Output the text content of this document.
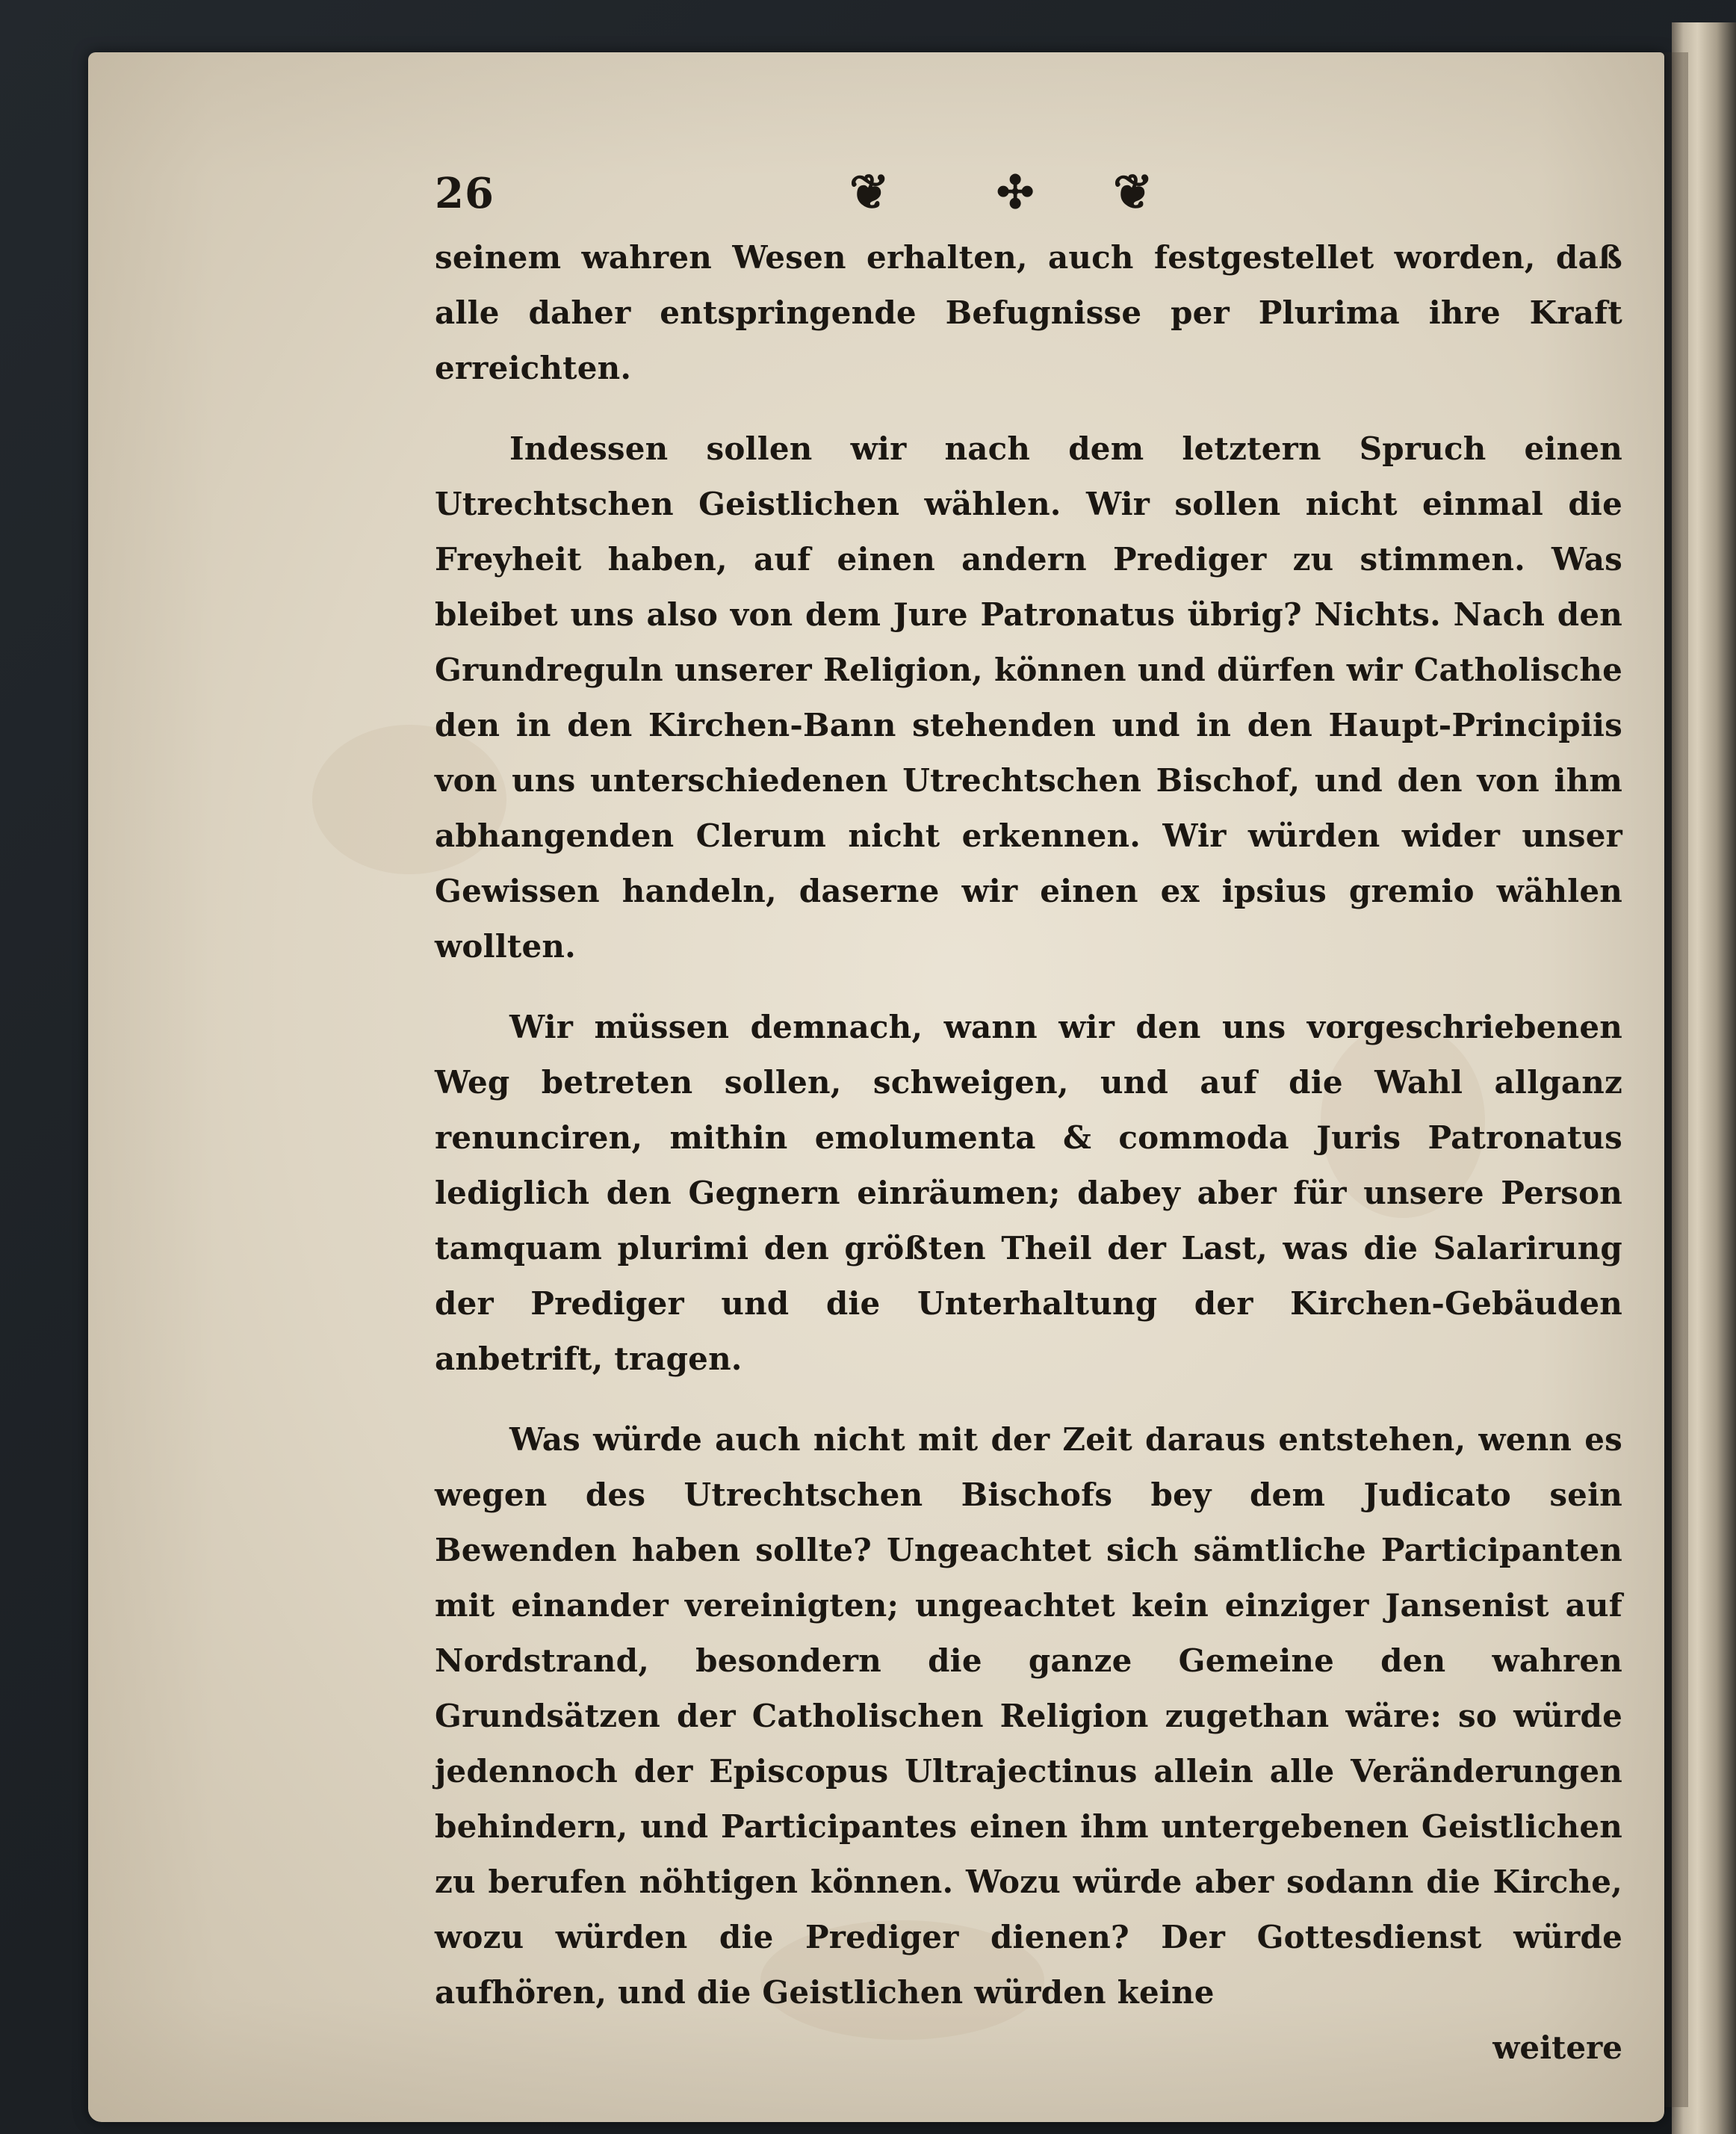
26	❦ ✣ ❦

seinem wahren Wesen erhalten, auch festgestellet worden, daß alle daher entspringende Befugnisse per Plurima ihre Kraft erreichten.

Indessen sollen wir nach dem letztern Spruch einen Utrechtschen Geistlichen wählen. Wir sollen nicht einmal die Freyheit haben, auf einen andern Prediger zu stimmen. Was bleibet uns also von dem Jure Patronatus übrig? Nichts. Nach den Grundreguln unserer Religion, können und dürfen wir Catholische den in den Kirchen-Bann stehenden und in den Haupt-Principiis von uns unterschiedenen Utrechtschen Bischof, und den von ihm abhangenden Clerum nicht erkennen. Wir würden wider unser Gewissen handeln, daserne wir einen ex ipsius gremio wählen wollten.

Wir müssen demnach, wann wir den uns vorgeschriebenen Weg betreten sollen, schweigen, und auf die Wahl allganz renunciren, mithin emolumenta & commoda Juris Patronatus lediglich den Gegnern einräumen; dabey aber für unsere Person tamquam plurimi den größten Theil der Last, was die Salarirung der Prediger und die Unterhaltung der Kirchen-Gebäuden anbetrift, tragen.

Was würde auch nicht mit der Zeit daraus entstehen, wenn es wegen des Utrechtschen Bischofs bey dem Judicato sein Bewenden haben sollte? Ungeachtet sich sämtliche Participanten mit einander vereinigten; ungeachtet kein einziger Jansenist auf Nordstrand, besondern die ganze Gemeine den wahren Grundsätzen der Catholischen Religion zugethan wäre: so würde jedennoch der Episcopus Ultrajectinus allein alle Veränderungen behindern, und Participantes einen ihm untergebenen Geistlichen zu berufen nöhtigen können. Wozu würde aber sodann die Kirche, wozu würden die Prediger dienen? Der Gottesdienst würde aufhören, und die Geistlichen würden keine

weitere
